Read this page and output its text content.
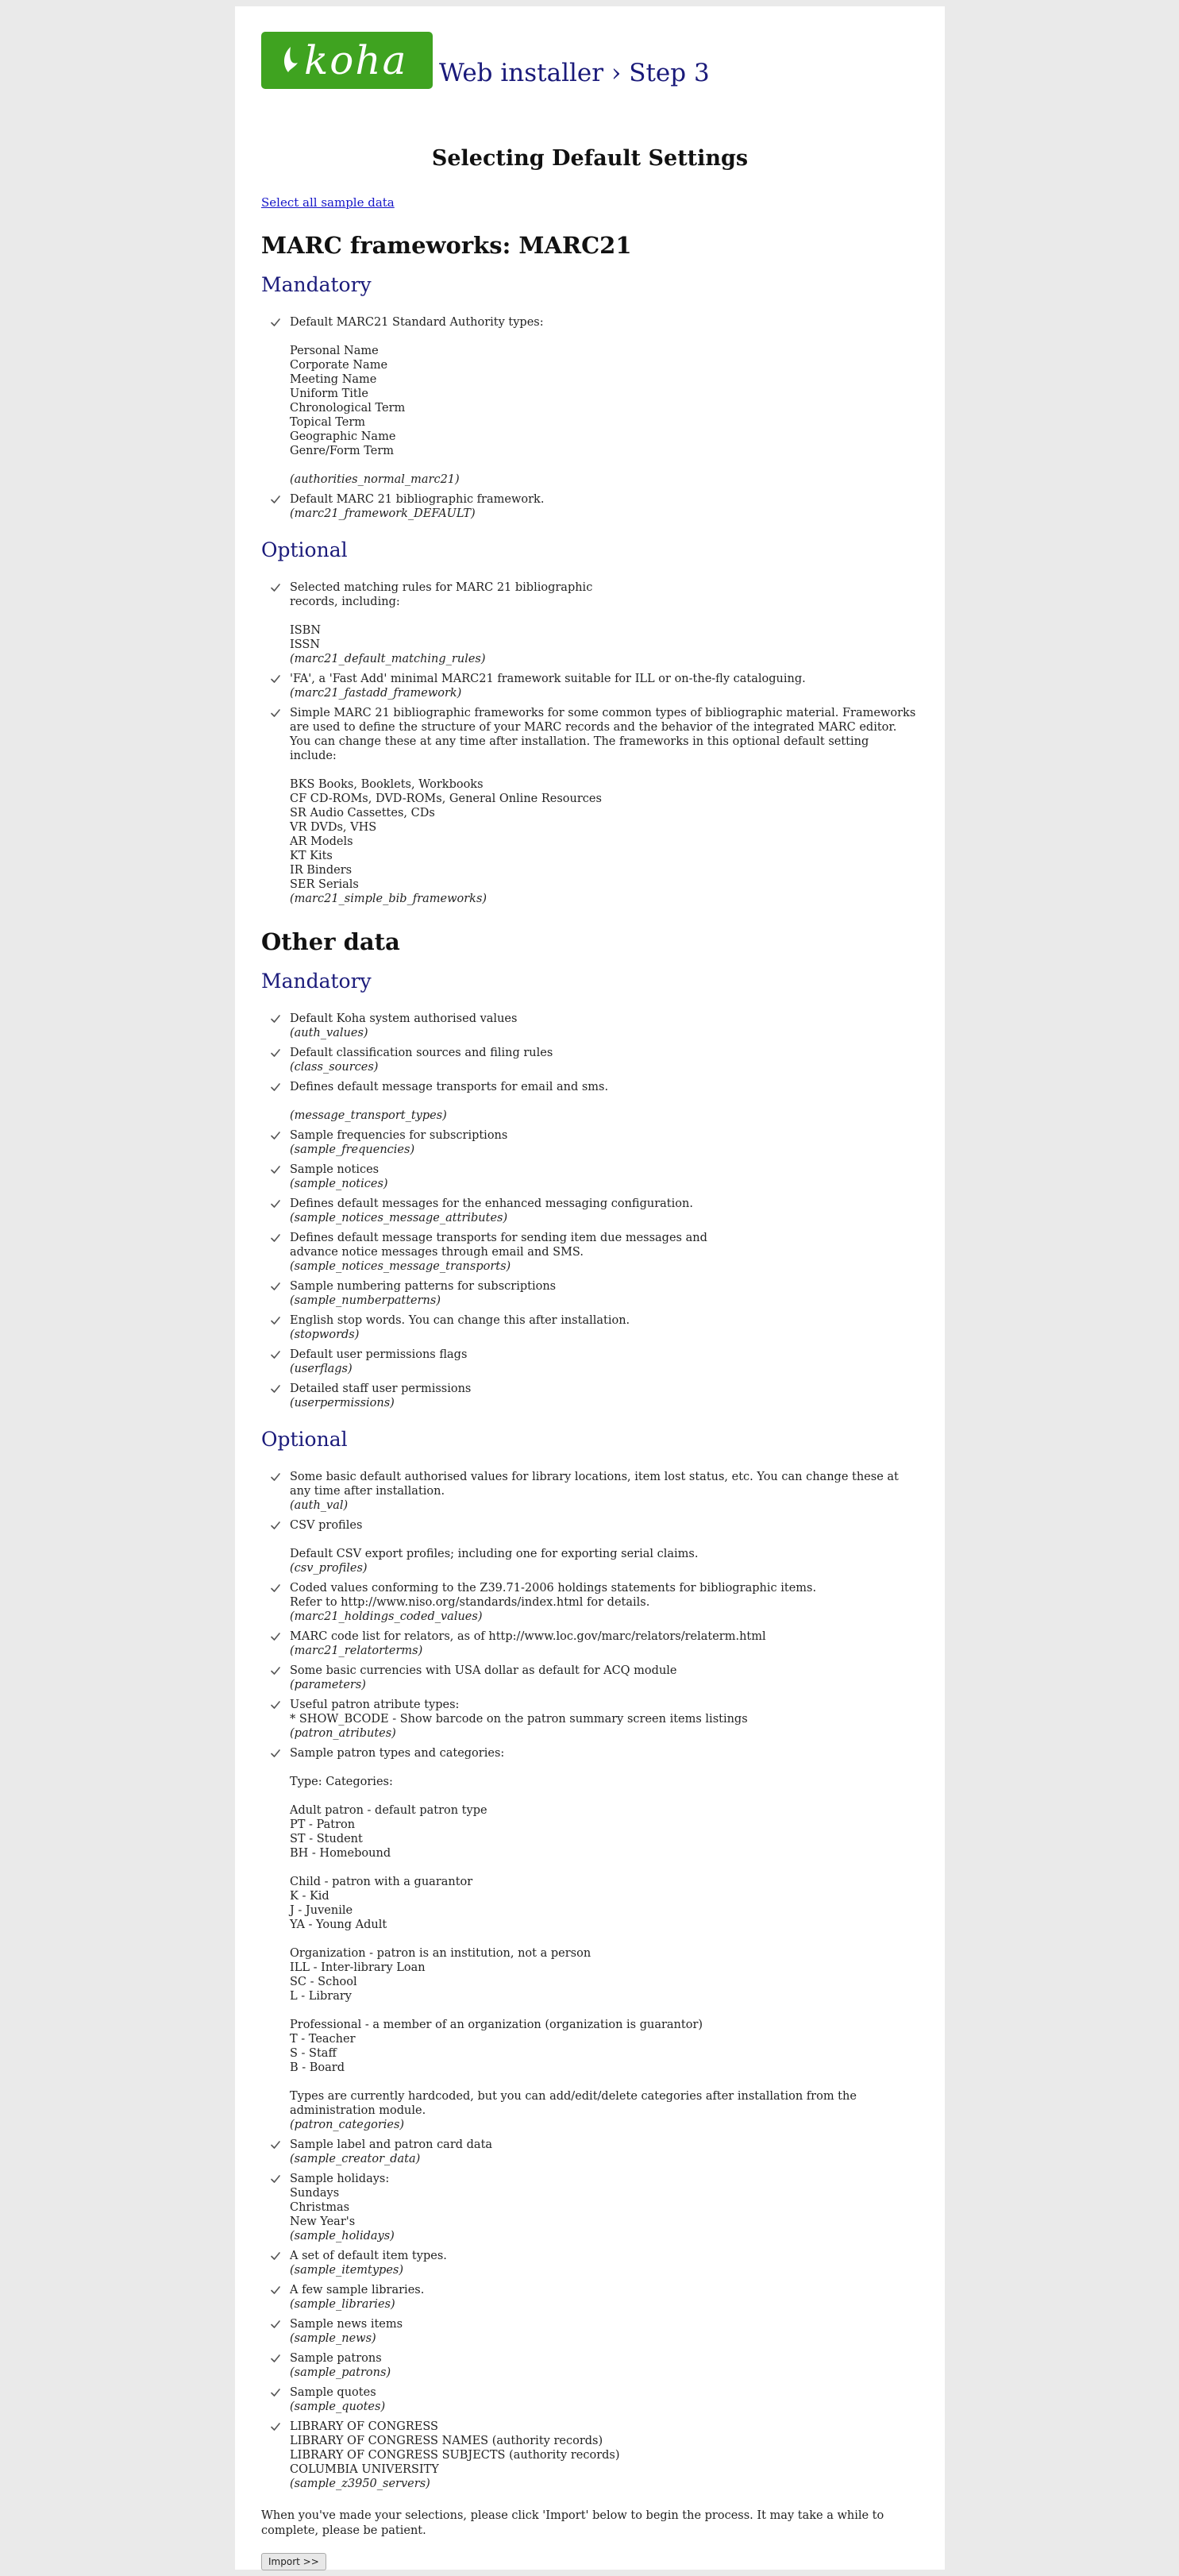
koha Web installer › Step 3
Selecting Default Settings
Select all sample data
MARC frameworks: MARC21
Mandatory
Default MARC21 Standard Authority types:
Personal Name
Corporate Name
Meeting Name
Uniform Title
Chronological Term
Topical Term
Geographic Name
Genre/Form Term
(authorities_normal_marc21)
Default MARC 21 bibliographic framework.
(marc21_framework_DEFAULT)
Optional
Selected matching rules for MARC 21 bibliographic
records, including:
ISBN
ISSN
(marc21_default_matching_rules)
'FA', a 'Fast Add' minimal MARC21 framework suitable for ILL or on-the-fly cataloguing.
(marc21_fastadd_framework)
Simple MARC 21 bibliographic frameworks for some common types of bibliographic material. Frameworks are used to define the structure of your MARC records and the behavior of the integrated MARC editor. You can change these at any time after installation. The frameworks in this optional default setting include:
BKS Books, Booklets, Workbooks
CF CD-ROMs, DVD-ROMs, General Online Resources
SR Audio Cassettes, CDs
VR DVDs, VHS
AR Models
KT Kits
IR Binders
SER Serials
(marc21_simple_bib_frameworks)
Other data
Mandatory
Default Koha system authorised values
(auth_values)
Default classification sources and filing rules
(class_sources)
Defines default message transports for email and sms.
(message_transport_types)
Sample frequencies for subscriptions
(sample_frequencies)
Sample notices
(sample_notices)
Defines default messages for the enhanced messaging configuration.
(sample_notices_message_attributes)
Defines default message transports for sending item due messages and
advance notice messages through email and SMS.
(sample_notices_message_transports)
Sample numbering patterns for subscriptions
(sample_numberpatterns)
English stop words. You can change this after installation.
(stopwords)
Default user permissions flags
(userflags)
Detailed staff user permissions
(userpermissions)
Optional
Some basic default authorised values for library locations, item lost status, etc. You can change these at any time after installation.
(auth_val)
CSV profiles
Default CSV export profiles; including one for exporting serial claims.
(csv_profiles)
Coded values conforming to the Z39.71-2006 holdings statements for bibliographic items.
Refer to http://www.niso.org/standards/index.html for details.
(marc21_holdings_coded_values)
MARC code list for relators, as of http://www.loc.gov/marc/relators/relaterm.html
(marc21_relatorterms)
Some basic currencies with USA dollar as default for ACQ module
(parameters)
Useful patron atribute types:
* SHOW_BCODE - Show barcode on the patron summary screen items listings
(patron_atributes)
Sample patron types and categories:
Type: Categories:
Adult patron - default patron type
PT - Patron
ST - Student
BH - Homebound
Child - patron with a guarantor
K - Kid
J - Juvenile
YA - Young Adult
Organization - patron is an institution, not a person
ILL - Inter-library Loan
SC - School
L - Library
Professional - a member of an organization (organization is guarantor)
T - Teacher
S - Staff
B - Board
Types are currently hardcoded, but you can add/edit/delete categories after installation from the administration module.
(patron_categories)
Sample label and patron card data
(sample_creator_data)
Sample holidays:
Sundays
Christmas
New Year's
(sample_holidays)
A set of default item types.
(sample_itemtypes)
A few sample libraries.
(sample_libraries)
Sample news items
(sample_news)
Sample patrons
(sample_patrons)
Sample quotes
(sample_quotes)
LIBRARY OF CONGRESS
LIBRARY OF CONGRESS NAMES (authority records)
LIBRARY OF CONGRESS SUBJECTS (authority records)
COLUMBIA UNIVERSITY
(sample_z3950_servers)
When you've made your selections, please click 'Import' below to begin the process. It may take a while to complete, please be patient.
Import >>
